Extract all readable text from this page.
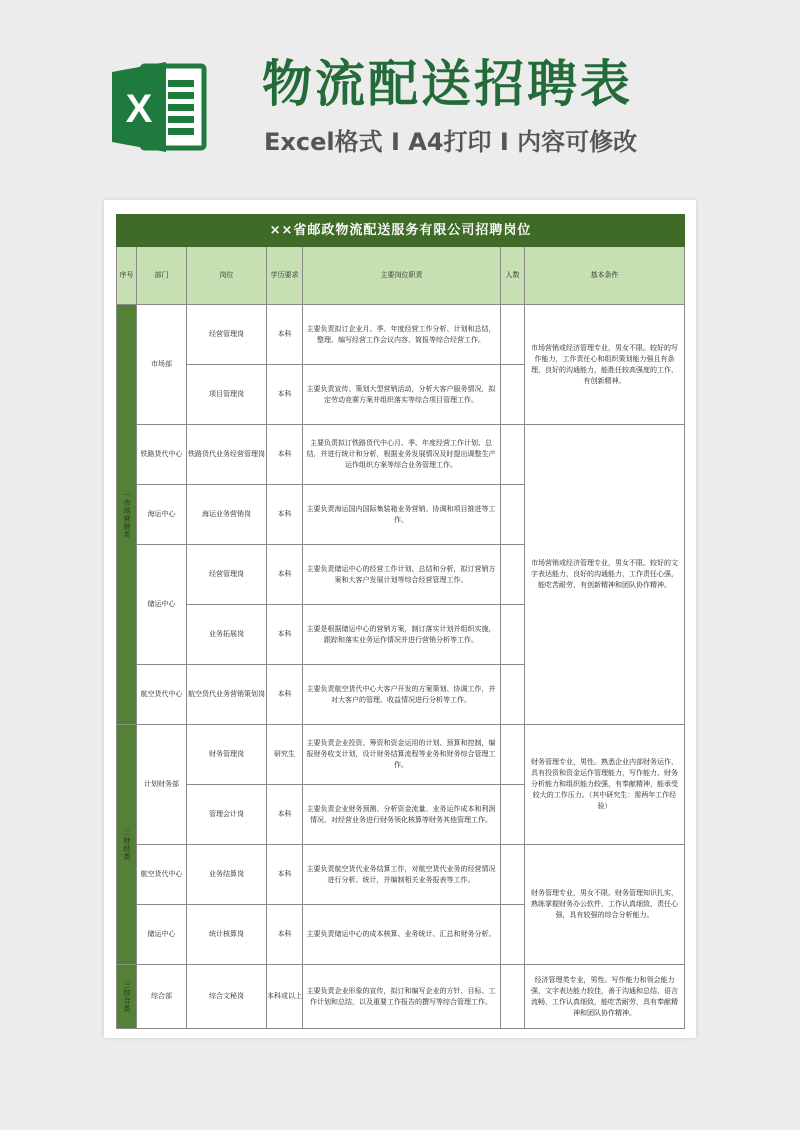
X 物流配送招聘表
Excel格式 Ⅰ A4打印 Ⅰ 内容可修改
××省邮政物流配送服务有限公司招聘岗位						
序号	部门	岗位	学历要求	主要岗位职责	人数	基本条件
一市场营销类	市场部	经营管理岗	本科	主要负责拟订企业月、季、年度经营工作分析、计划和总结，整理、编写经营工作会议内容、简报等综合经营工作。		市场营销或经济管理专业，男女不限。较好的写作能力，工作责任心和组织策划能力强且有条理，良好的沟通能力，能胜任较高强度的工作，有创新精神。
		项目管理岗	本科	主要负责宣传、策划大型营销活动，分析大客户服务情况，拟定劳动竞赛方案并组织落实等综合项目管理工作。		
	铁路货代中心	铁路货代业务经营管理岗	本科	主要负责拟订铁路货代中心月、季、年度经营工作计划、总结，并进行统计和分析，根据业务发展情况及时提出调整生产运作组织方案等综合业务管理工作。		市场营销或经济管理专业，男女不限。较好的文字表达能力，良好的沟通能力，工作责任心强，能吃苦耐劳，有创新精神和团队协作精神。
	海运中心	海运业务营销岗	本科	主要负责海运国内国际集装箱业务营销、协调和项目推进等工作。		
	储运中心	经营管理岗	本科	主要负责储运中心的经营工作计划、总结和分析，拟订营销方案和大客户发展计划等综合经营管理工作。		
		业务拓展岗	本科	主要是根据储运中心的营销方案，制订落实计划并组织实施，跟踪和落实业务运作情况并进行营销分析等工作。		
	航空货代中心	航空货代业务营销策划岗	本科	主要负责航空货代中心大客户开发的方案策划、协调工作，并对大客户的管理、收益情况进行分析等工作。		
二财经类	计划财务部	财务管理岗	研究生	主要负责企业投资、筹资和资金运用的计划、预算和控制，编报财务收支计划，设计财务结算流程等业务和财务综合管理工作。		财务管理专业，男性。熟悉企业内部财务运作，具有投资和资金运作管理能力，写作能力、财务分析能力和组织能力较强，有奉献精神，能承受较大的工作压力。（其中研究生：需两年工作经验）
		管理会计岗	本科	主要负责企业财务预测、分析资金流量、业务运作成本和利润情况，对经营业务进行财务领化核算等财务其他管理工作。		
	航空货代中心	业务结算岗	本科	主要负责航空货代业务结算工作，对航空货代业务的经营情况进行分析、统计，并编制相关业务报表等工作。		财务管理专业，男女不限。财务管理知识扎实，熟练掌握财务办公软件，工作认真细致、责任心强，具有较强的综合分析能力。
	储运中心	统计核算岗	本科	主要负责储运中心的成本核算、业务统计、汇总和财务分析。		
三综合类	综合部	综合文秘岗	本科或以上	主要负责企业形象的宣传，拟订和编写企业的方针、目标、工作计划和总结，以及重要工作报告的撰写等综合管理工作。		经济管理类专业，男性。写作能力和领会能力强，文字表达能力较佳，善于沟通和总结，语言流畅，工作认真细致，能吃苦耐劳，具有奉献精神和团队协作精神。
